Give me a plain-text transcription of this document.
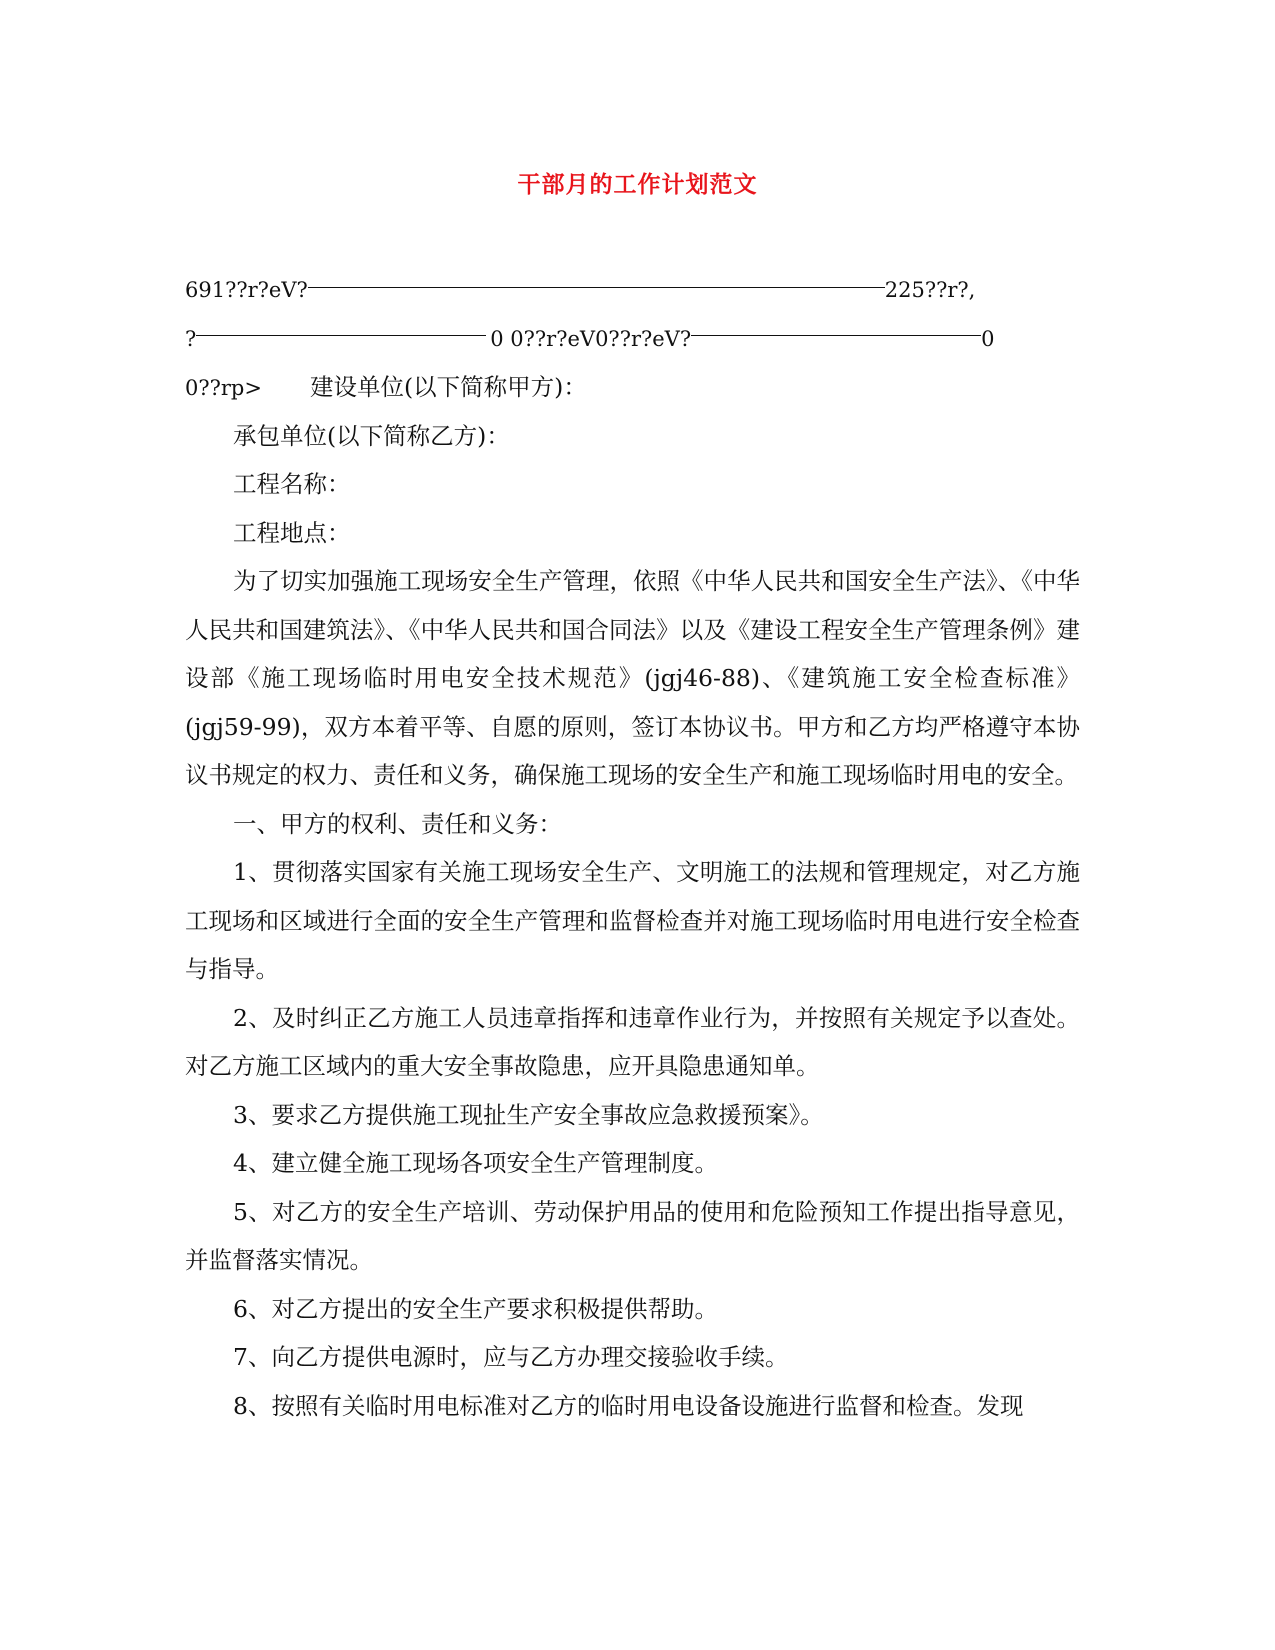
干部月的工作计划范文
691??r?eV?	225??r?,
?	0 0??r?eV0??r?eV?	0
0??rp> 建设单位(以下简称甲方)：

承包单位(以下简称乙方)：

工程名称：

工程地点：

为了切实加强施工现场安全生产管理，依照《中华人民共和国安全生产法》、《中华人民共和国建筑法》、《中华人民共和国合同法》以及《建设工程安全生产管理条例》建设部《施工现场临时用电安全技术规范》(jgj46-88)、《建筑施工安全检查标准》(jgj59-99)，双方本着平等、自愿的原则，签订本协议书。甲方和乙方均严格遵守本协议书规定的权力、责任和义务，确保施工现场的安全生产和施工现场临时用电的安全。

一、甲方的权利、责任和义务：

1、贯彻落实国家有关施工现场安全生产、文明施工的法规和管理规定，对乙方施工现场和区域进行全面的安全生产管理和监督检查并对施工现场临时用电进行安全检查与指导。

2、及时纠正乙方施工人员违章指挥和违章作业行为，并按照有关规定予以查处。对乙方施工区域内的重大安全事故隐患，应开具隐患通知单。

3、要求乙方提供施工现扯生产安全事故应急救援预案》。

4、建立健全施工现场各项安全生产管理制度。

5、对乙方的安全生产培训、劳动保护用品的使用和危险预知工作提出指导意见，并监督落实情况。

6、对乙方提出的安全生产要求积极提供帮助。

7、向乙方提供电源时，应与乙方办理交接验收手续。

8、按照有关临时用电标准对乙方的临时用电设备设施进行监督和检查。发现
